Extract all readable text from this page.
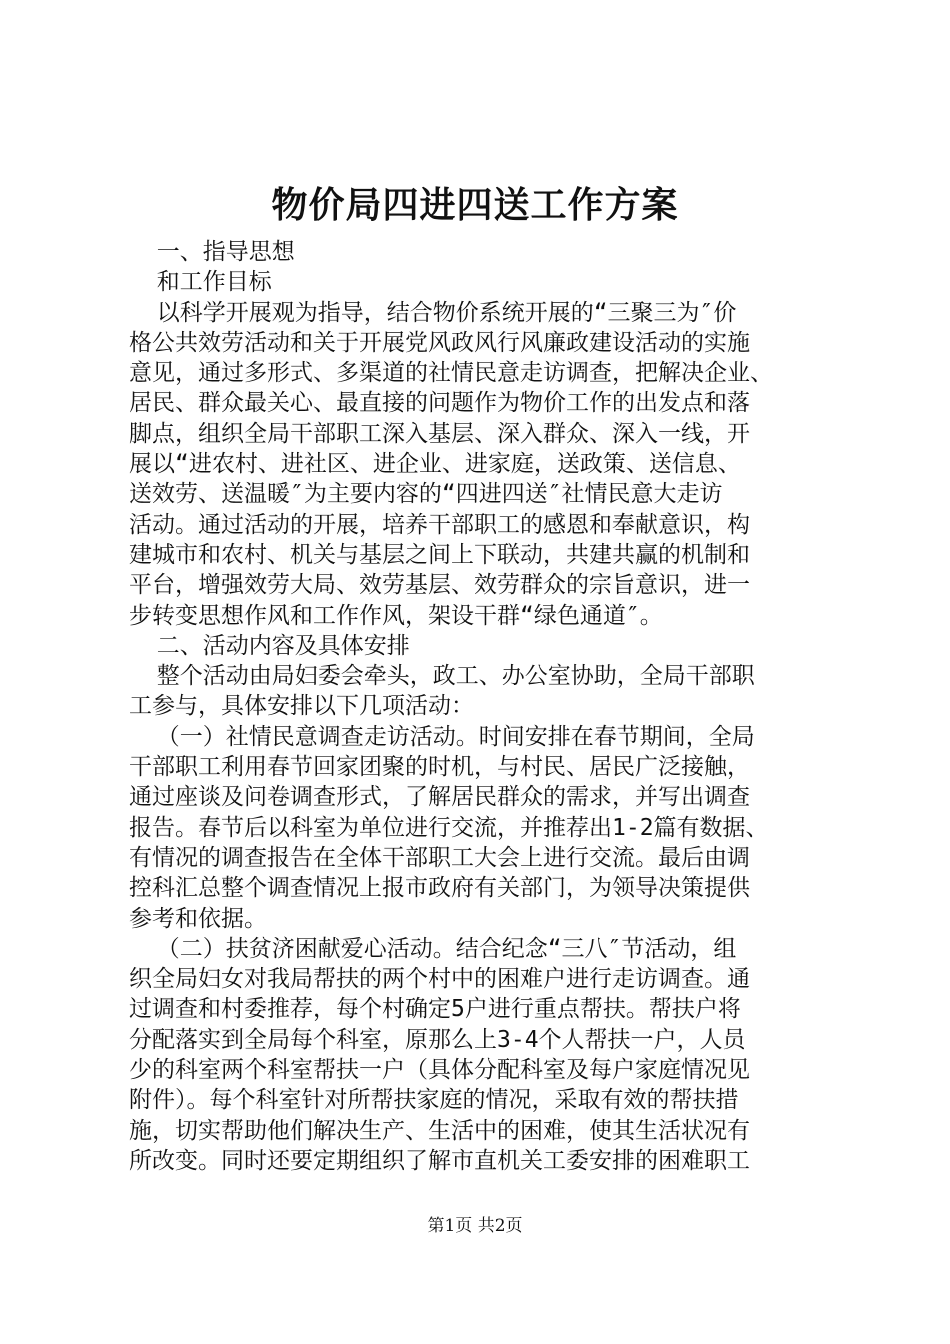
物价局四进四送工作方案
一、指导思想
和工作目标
以科学开展观为指导，结合物价系统开展的“三聚三为″价
格公共效劳活动和关于开展党风政风行风廉政建设活动的实施
意见，通过多形式、多渠道的社情民意走访调查，把解决企业、
居民、群众最关心、最直接的问题作为物价工作的出发点和落
脚点，组织全局干部职工深入基层、深入群众、深入一线，开
展以“进农村、进社区、进企业、进家庭，送政策、送信息、
送效劳、送温暖″为主要内容的“四进四送″社情民意大走访
活动。通过活动的开展，培养干部职工的感恩和奉献意识，构
建城市和农村、机关与基层之间上下联动，共建共赢的机制和
平台，增强效劳大局、效劳基层、效劳群众的宗旨意识，进一
步转变思想作风和工作作风，架设干群“绿色通道″。
二、活动内容及具体安排
整个活动由局妇委会牵头，政工、办公室协助，全局干部职
工参与，具体安排以下几项活动：
（一）社情民意调查走访活动。时间安排在春节期间，全局
干部职工利用春节回家团聚的时机，与村民、居民广泛接触，
通过座谈及问卷调查形式，了解居民群众的需求，并写出调查
报告。春节后以科室为单位进行交流，并推荐出1-2篇有数据、
有情况的调查报告在全体干部职工大会上进行交流。最后由调
控科汇总整个调查情况上报市政府有关部门，为领导决策提供
参考和依据。
（二）扶贫济困献爱心活动。结合纪念“三八″节活动，组
织全局妇女对我局帮扶的两个村中的困难户进行走访调查。通
过调查和村委推荐，每个村确定5户进行重点帮扶。帮扶户将
分配落实到全局每个科室，原那么上3-4个人帮扶一户，人员
少的科室两个科室帮扶一户（具体分配科室及每户家庭情况见
附件）。每个科室针对所帮扶家庭的情况，采取有效的帮扶措
施，切实帮助他们解决生产、生活中的困难，使其生活状况有
所改变。同时还要定期组织了解市直机关工委安排的困难职工
第1页 共2页
